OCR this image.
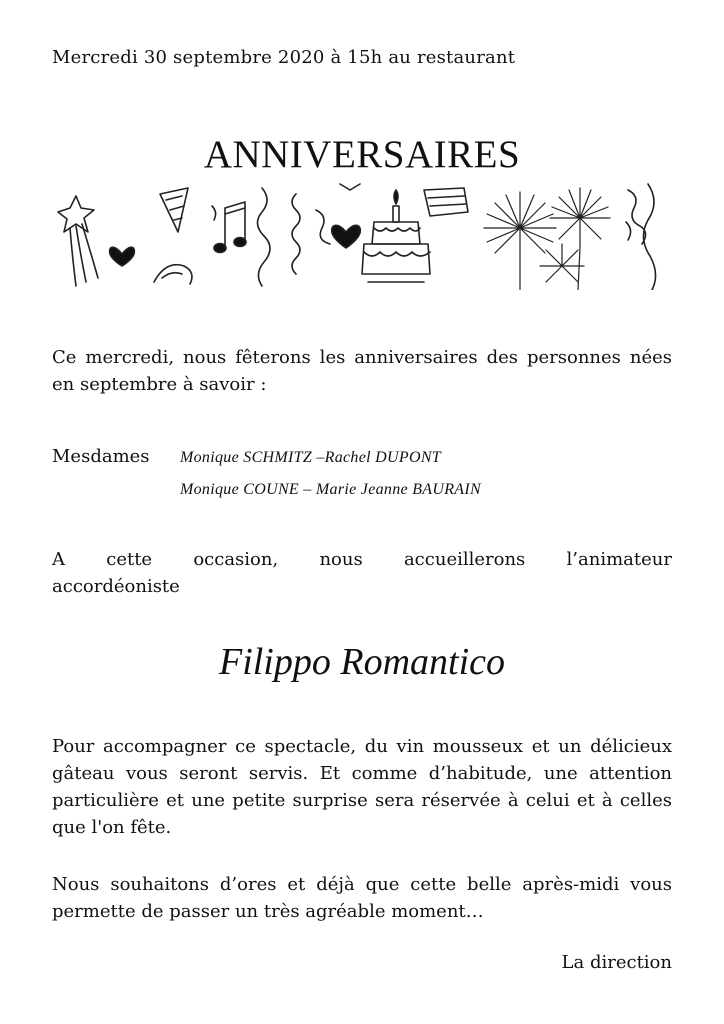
Mercredi 30 septembre 2020 à 15h au restaurant
ANNIVERSAIRES
Ce mercredi, nous fêterons les anniversaires des personnes nées en septembre à savoir :
Mesdames Monique SCHMITZ –Rachel DUPONT
Monique COUNE – Marie Jeanne BAURAIN
A cette occasion, nous accueillerons l’animateur
accordéoniste
Filippo Romantico
Pour accompagner ce spectacle, du vin mousseux et un délicieux gâteau vous seront servis. Et comme d’habitude, une attention particulière et une petite surprise sera réservée à celui et à celles que l'on fête.
Nous souhaitons d’ores et déjà que cette belle après-midi vous permette de passer un très agréable moment…
La direction
